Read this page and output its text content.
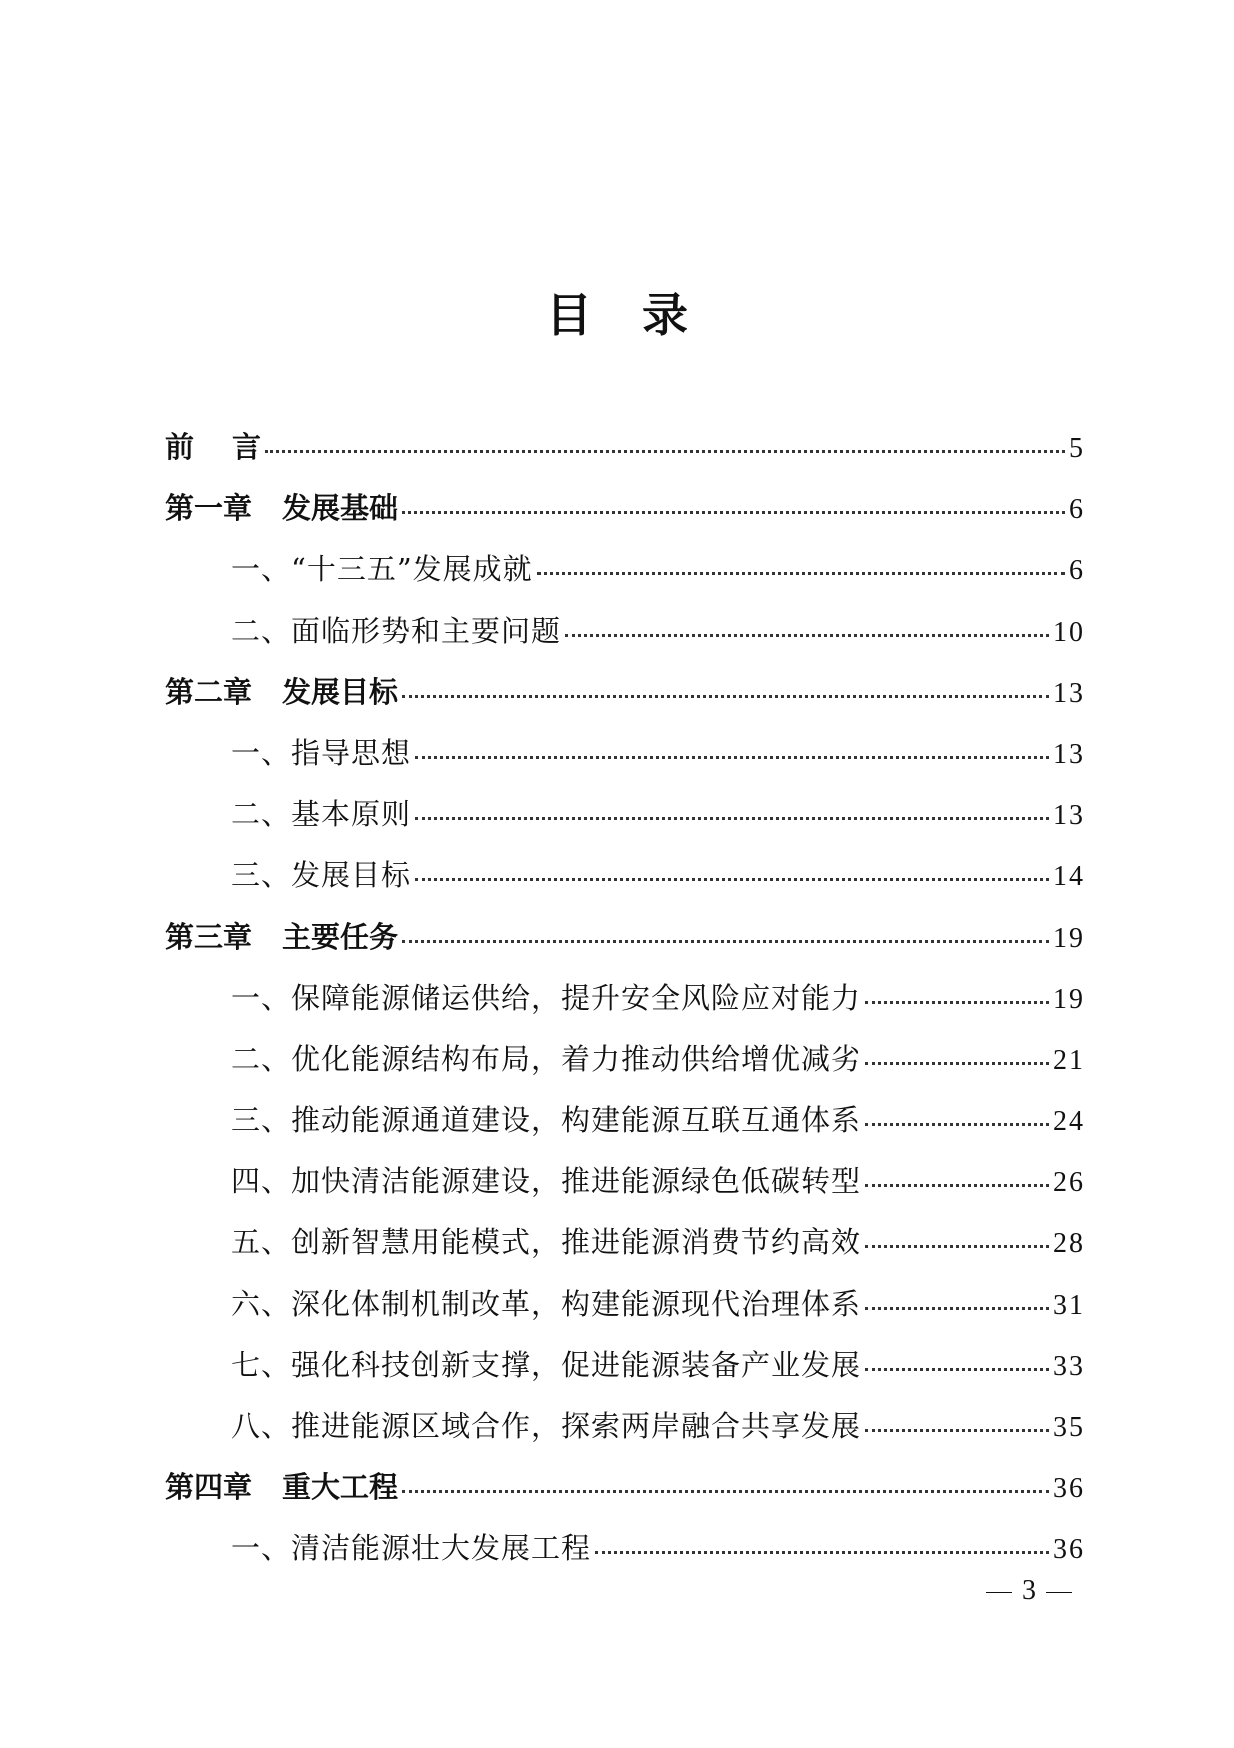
目 录
前 言	5
第一章 发展基础	6
一、“十三五”发展成就	6
二、面临形势和主要问题	10
第二章 发展目标	13
一、指导思想	13
二、基本原则	13
三、发展目标	14
第三章 主要任务	19
一、保障能源储运供给，提升安全风险应对能力	19
二、优化能源结构布局，着力推动供给增优减劣	21
三、推动能源通道建设，构建能源互联互通体系	24
四、加快清洁能源建设，推进能源绿色低碳转型	26
五、创新智慧用能模式，推进能源消费节约高效	28
六、深化体制机制改革，构建能源现代治理体系	31
七、强化科技创新支撑，促进能源装备产业发展	33
八、推进能源区域合作，探索两岸融合共享发展	35
第四章 重大工程	36
一、清洁能源壮大发展工程	36
3
